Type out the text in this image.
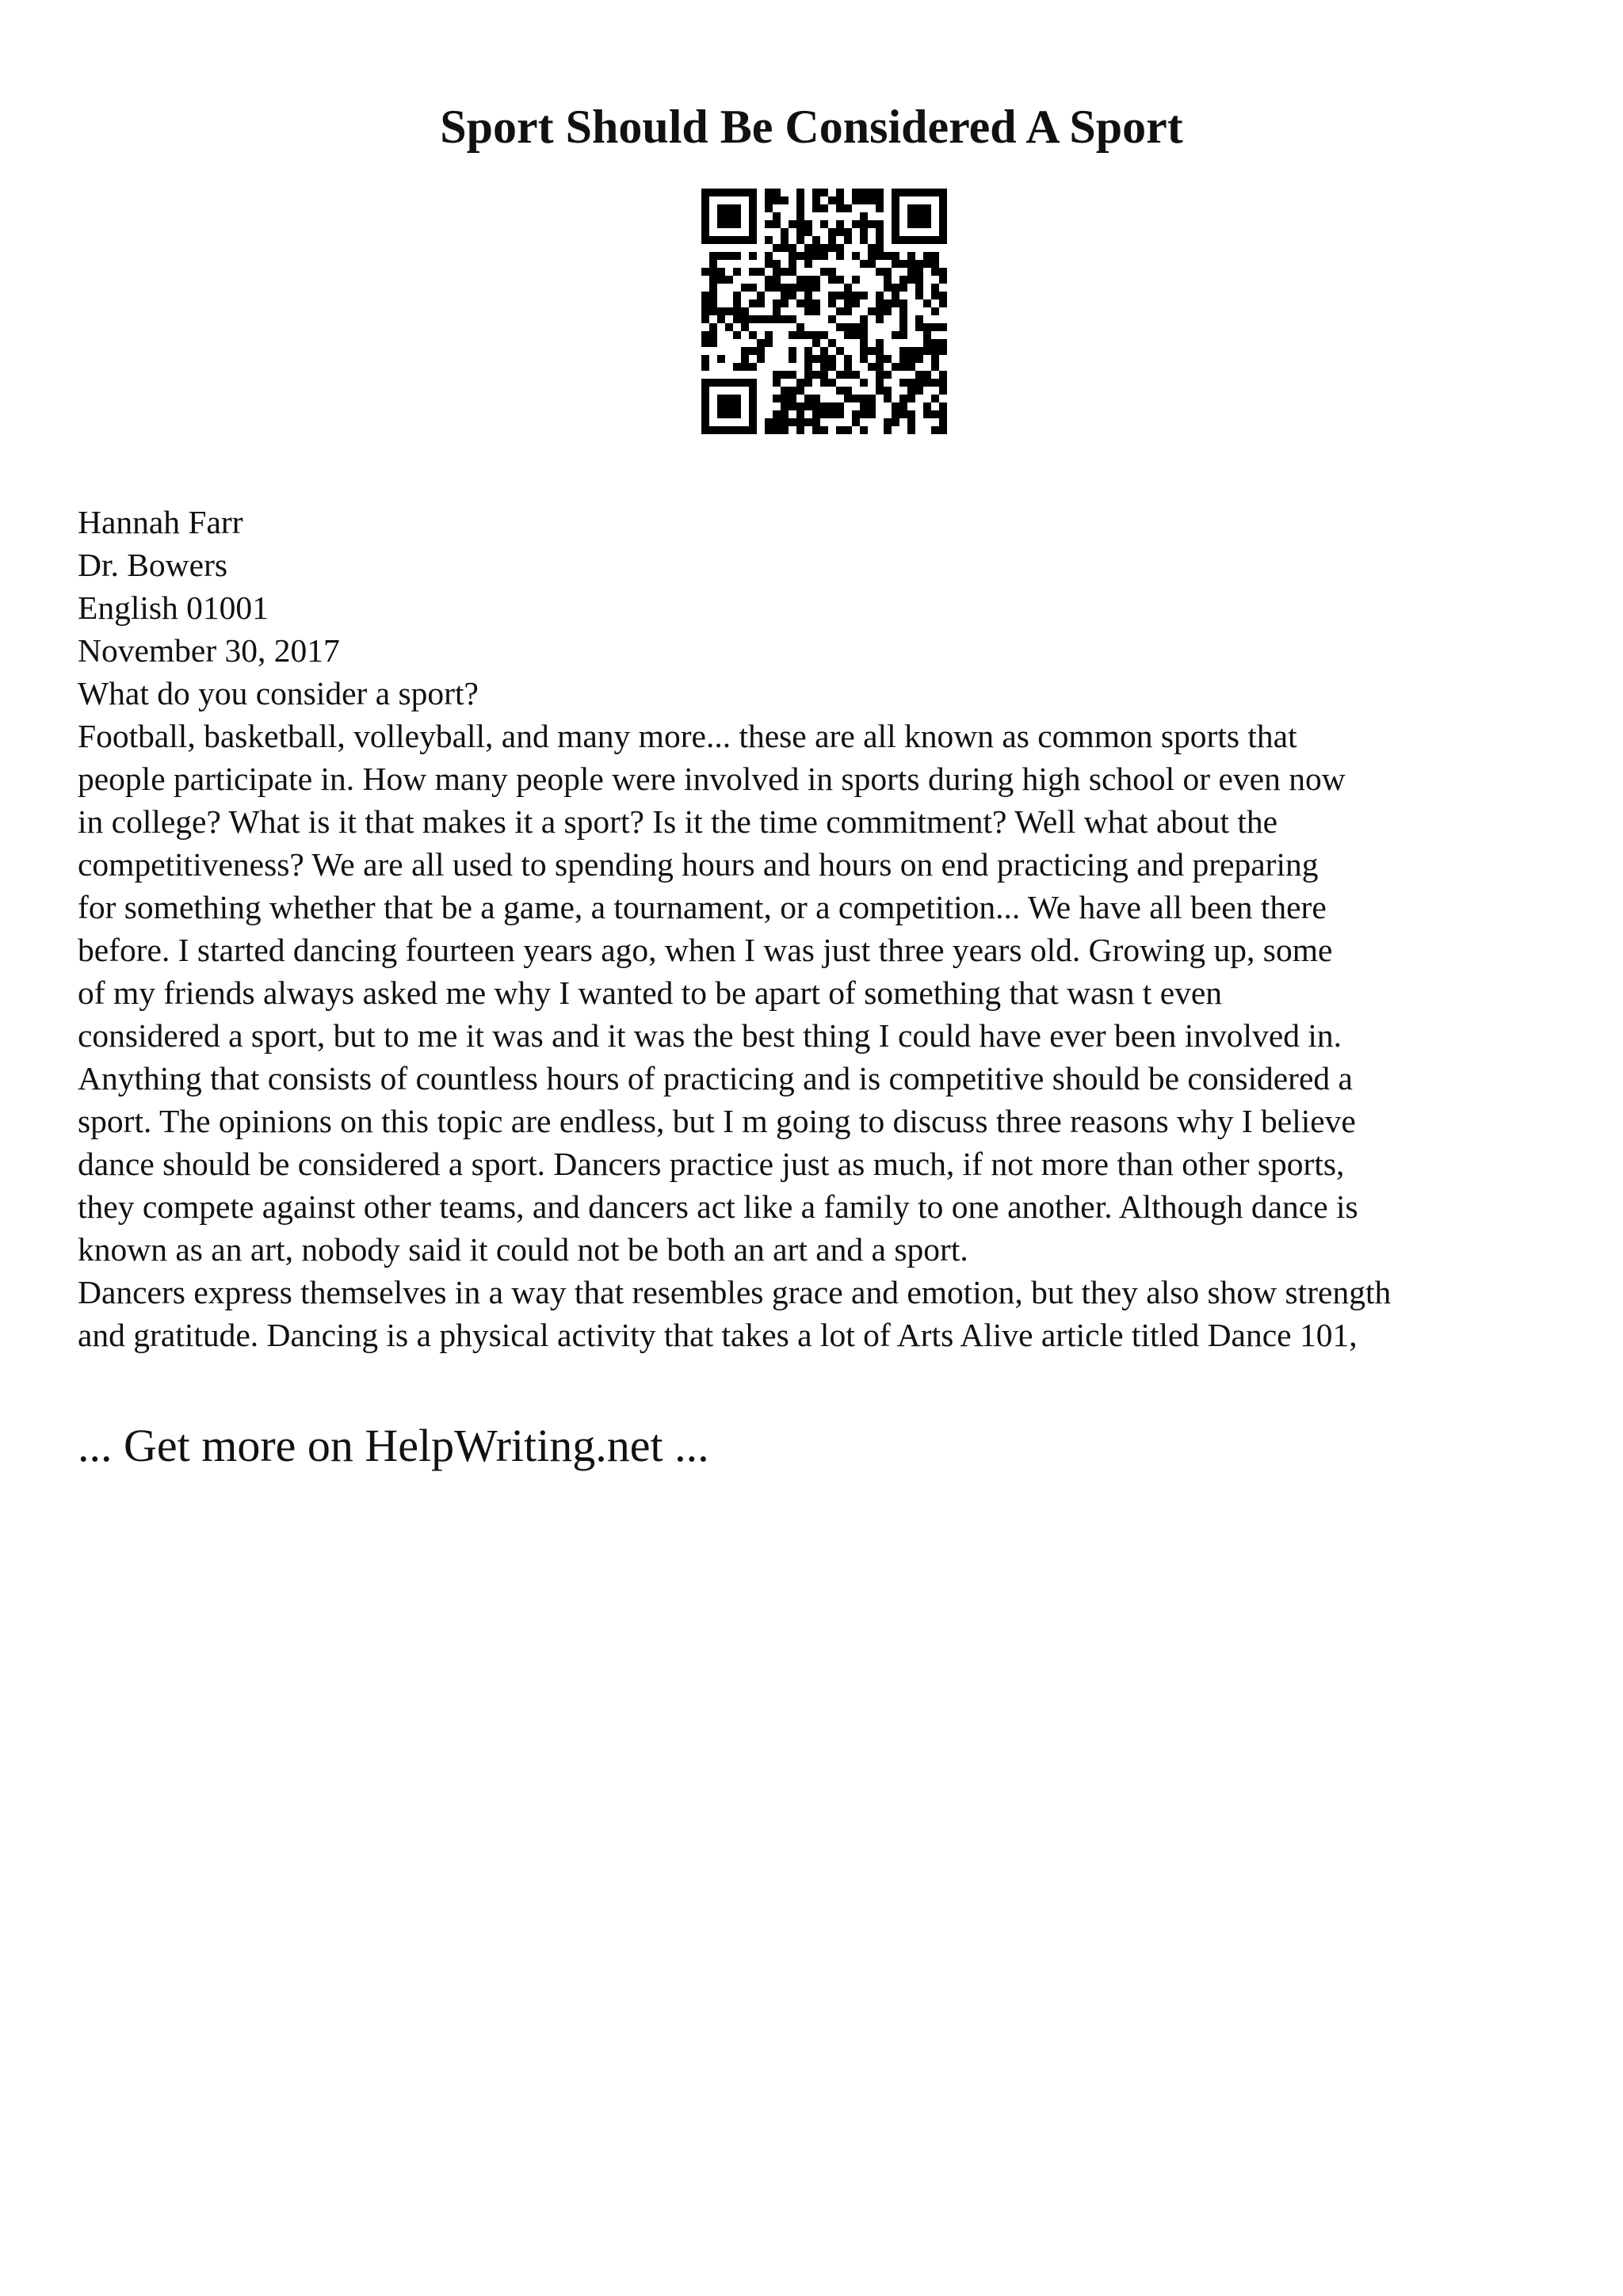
Sport Should Be Considered A Sport
Hannah Farr
Dr. Bowers
English 01001
November 30, 2017
What do you consider a sport?
Football, basketball, volleyball, and many more... these are all known as common sports that
people participate in. How many people were involved in sports during high school or even now
in college? What is it that makes it a sport? Is it the time commitment? Well what about the
competitiveness? We are all used to spending hours and hours on end practicing and preparing
for something whether that be a game, a tournament, or a competition... We have all been there
before. I started dancing fourteen years ago, when I was just three years old. Growing up, some
of my friends always asked me why I wanted to be apart of something that wasn t even
considered a sport, but to me it was and it was the best thing I could have ever been involved in.
Anything that consists of countless hours of practicing and is competitive should be considered a
sport. The opinions on this topic are endless, but I m going to discuss three reasons why I believe
dance should be considered a sport. Dancers practice just as much, if not more than other sports,
they compete against other teams, and dancers act like a family to one another. Although dance is
known as an art, nobody said it could not be both an art and a sport.
Dancers express themselves in a way that resembles grace and emotion, but they also show strength
and gratitude. Dancing is a physical activity that takes a lot of Arts Alive article titled Dance 101,
... Get more on HelpWriting.net ...
